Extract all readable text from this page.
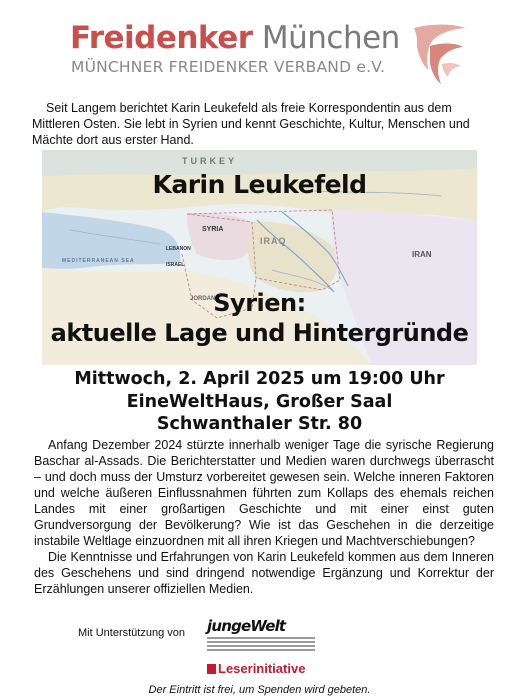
Freidenker München
MÜNCHNER FREIDENKER VERBAND e.V.
Seit Langem berichtet Karin Leukefeld als freie Korrespondentin aus dem Mittleren Osten. Sie lebt in Syrien und kennt Geschichte, Kultur, Menschen und Mächte dort aus erster Hand.
TURKEY
SYRIA
LEBANON
ISRAEL
IRAQ
IRAN
JORDAN
MEDITERRANEAN SEA
Karin Leukefeld
Syrien:
aktuelle Lage und Hintergründe
Mittwoch, 2. April 2025 um 19:00 Uhr
EineWeltHaus, Großer Saal
Schwanthaler Str. 80

Anfang Dezember 2024 stürzte innerhalb weniger Tage die syrische Regierung Baschar al-Assads. Die Berichterstatter und Medien waren durchwegs überrascht – und doch muss der Umsturz vorbereitet gewesen sein. Welche inneren Faktoren und welche äußeren Einflussnahmen führten zum Kollaps des ehemals reichen Landes mit einer großartigen Geschichte und mit einer einst guten Grundversorgung der Bevölkerung? Wie ist das Geschehen in die derzeitige instabile Weltlage einzuordnen mit all ihren Kriegen und Machtverschiebungen?

Die Kenntnisse und Erfahrungen von Karin Leukefeld kommen aus dem Inneren des Geschehens und sind dringend notwendige Ergänzung und Korrektur der Erzählungen unserer offiziellen Medien.

Mit Unterstützung von jungeWelt
Leserinitiative
Der Eintritt ist frei, um Spenden wird gebeten.
